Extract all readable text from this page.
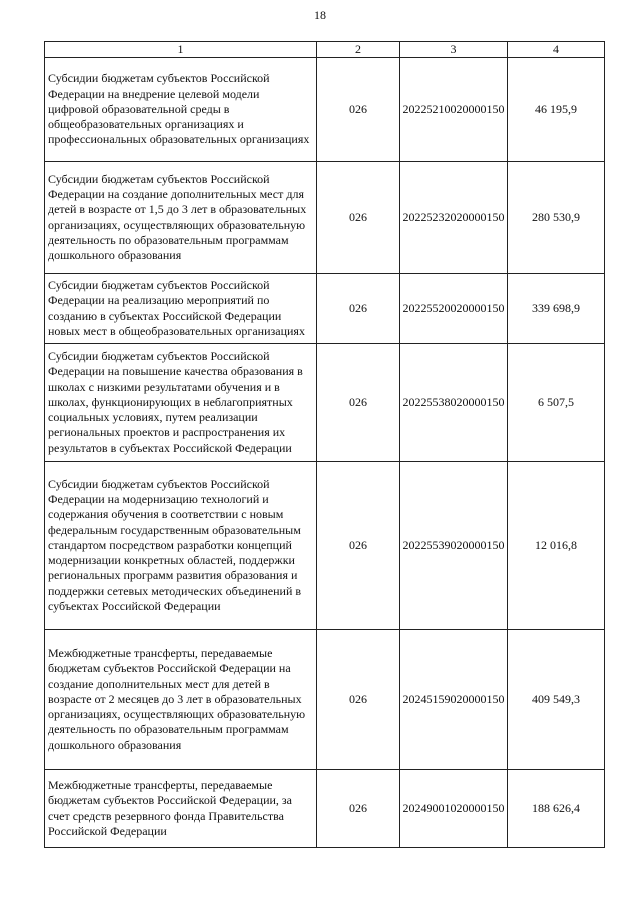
18
1	2	3	4
Субсидии бюджетам субъектов Российской Федерации на внедрение целевой модели цифровой образовательной среды в общеобразовательных организациях и профессиональных образовательных организациях	026	20225210020000150	46 195,9
Субсидии бюджетам субъектов Российской Федерации на создание дополнительных мест для детей в возрасте от 1,5 до 3 лет в образовательных организациях, осуществляющих образовательную деятельность по образовательным программам дошкольного образования	026	20225232020000150	280 530,9
Субсидии бюджетам субъектов Российской Федерации на реализацию мероприятий по созданию в субъектах Российской Федерации новых мест в общеобразовательных организациях	026	20225520020000150	339 698,9
Субсидии бюджетам субъектов Российской Федерации на повышение качества образования в школах с низкими результатами обучения и в школах, функционирующих в неблагоприятных социальных условиях, путем реализации региональных проектов и распространения их результатов в субъектах Российской Федерации	026	20225538020000150	6 507,5
Субсидии бюджетам субъектов Российской Федерации на модернизацию технологий и содержания обучения в соответствии с новым федеральным государственным образовательным стандартом посредством разработки концепций модернизации конкретных областей, поддержки региональных программ развития образования и поддержки сетевых методических объединений в субъектах Российской Федерации	026	20225539020000150	12 016,8
Межбюджетные трансферты, передаваемые бюджетам субъектов Российской Федерации на создание дополнительных мест для детей в возрасте от 2 месяцев до 3 лет в образовательных организациях, осуществляющих образовательную деятельность по образовательным программам дошкольного образования	026	20245159020000150	409 549,3
Межбюджетные трансферты, передаваемые бюджетам субъектов Российской Федерации, за счет средств резервного фонда Правительства Российской Федерации	026	20249001020000150	188 626,4
